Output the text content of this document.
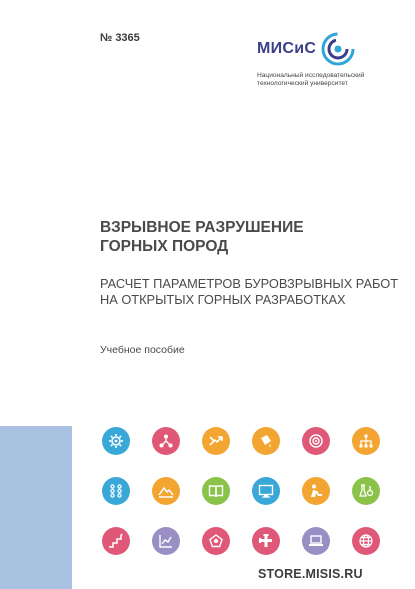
№ 3365
МИСиС
Национальный исследовательский
технологический университет
ВЗРЫВНОЕ РАЗРУШЕНИЕ
ГОРНЫХ ПОРОД
РАСЧЕТ ПАРАМЕТРОВ БУРОВЗРЫВНЫХ РАБОТ
НА ОТКРЫТЫХ ГОРНЫХ РАЗРАБОТКАХ
Учебное пособие
STORE.MISIS.RU
